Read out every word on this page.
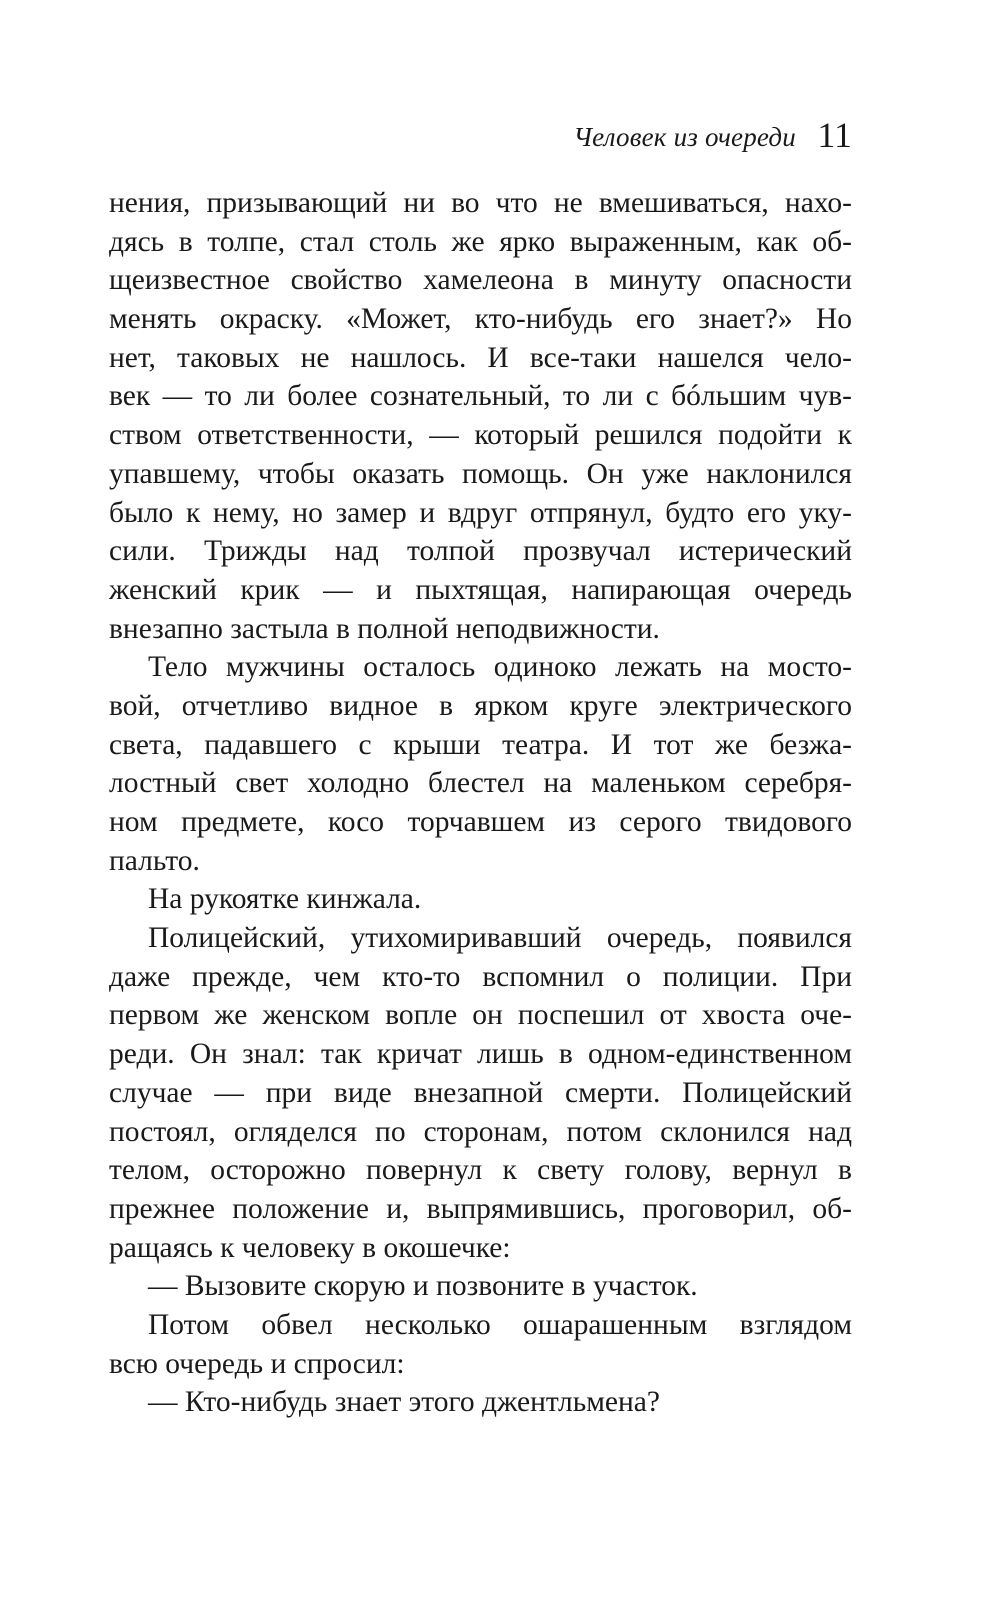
Человек из очереди 11
нения, призывающий ни во что не вмешиваться, нахо-
дясь в толпе, стал столь же ярко выраженным, как об-
щеизвестное свойство хамелеона в минуту опасности
менять окраску. «Может, кто-нибудь его знает?» Но
нет, таковых не нашлось. И все-таки нашелся чело-
век — то ли более сознательный, то ли с бóльшим чув-
ством ответственности, — который решился подойти к
упавшему, чтобы оказать помощь. Он уже наклонился
было к нему, но замер и вдруг отпрянул, будто его уку-
сили. Трижды над толпой прозвучал истерический
женский крик — и пыхтящая, напирающая очередь
внезапно застыла в полной неподвижности.
Тело мужчины осталось одиноко лежать на мосто-
вой, отчетливо видное в ярком круге электрического
света, падавшего с крыши театра. И тот же безжа-
лостный свет холодно блестел на маленьком серебря-
ном предмете, косо торчавшем из серого твидового
пальто.
На рукоятке кинжала.
Полицейский, утихомиривавший очередь, появился
даже прежде, чем кто-то вспомнил о полиции. При
первом же женском вопле он поспешил от хвоста оче-
реди. Он знал: так кричат лишь в одном-единственном
случае — при виде внезапной смерти. Полицейский
постоял, огляделся по сторонам, потом склонился над
телом, осторожно повернул к свету голову, вернул в
прежнее положение и, выпрямившись, проговорил, об-
ращаясь к человеку в окошечке:
— Вызовите скорую и позвоните в участок.
Потом обвел несколько ошарашенным взглядом
всю очередь и спросил:
— Кто-нибудь знает этого джентльмена?
